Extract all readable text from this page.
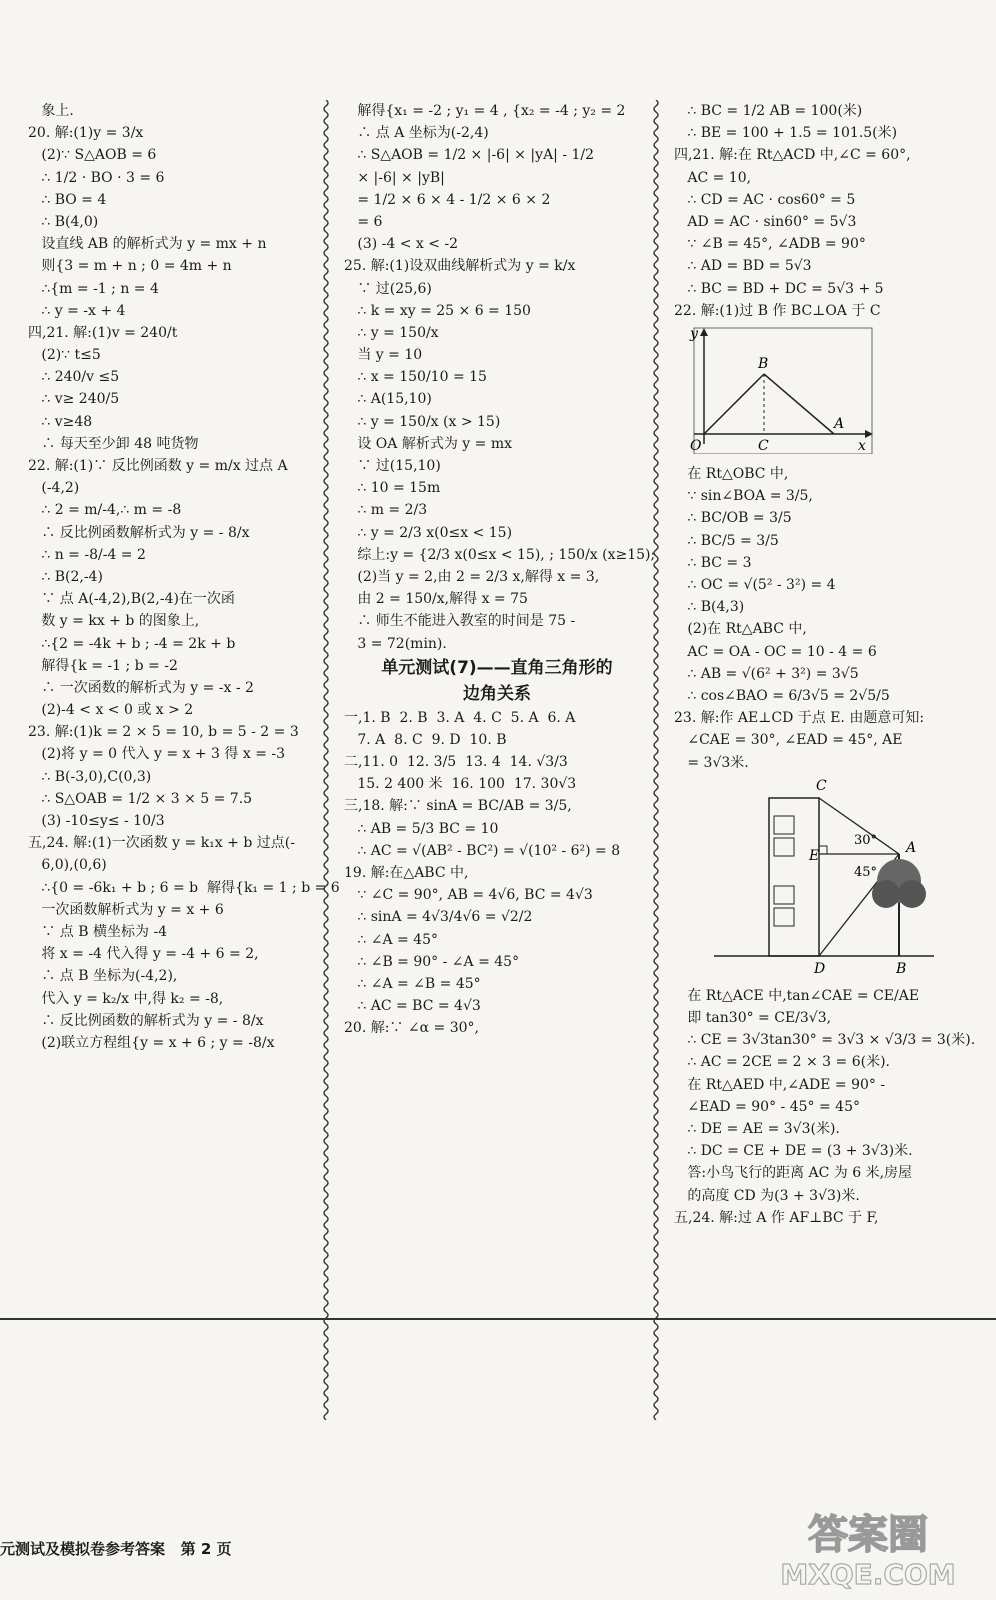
象上.
20. 解:(1)y = 3/x
(2)∵ S△AOB = 6
∴ 1/2 · BO · 3 = 6
∴ BO = 4
∴ B(4,0)
设直线 AB 的解析式为 y = mx + n
则{3 = m + n ; 0 = 4m + n
∴{m = -1 ; n = 4
∴ y = -x + 4
四,21. 解:(1)v = 240/t
(2)∵ t≤5
∴ 240/v ≤5
∴ v≥ 240/5
∴ v≥48
∴ 每天至少卸 48 吨货物
22. 解:(1)∵ 反比例函数 y = m/x 过点 A
(-4,2)
∴ 2 = m/-4,∴ m = -8
∴ 反比例函数解析式为 y = - 8/x
∴ n = -8/-4 = 2
∴ B(2,-4)
∵ 点 A(-4,2),B(2,-4)在一次函
数 y = kx + b 的图象上,
∴{2 = -4k + b ; -4 = 2k + b
解得{k = -1 ; b = -2
∴ 一次函数的解析式为 y = -x - 2
(2)-4 < x < 0 或 x > 2
23. 解:(1)k = 2 × 5 = 10, b = 5 - 2 = 3
(2)将 y = 0 代入 y = x + 3 得 x = -3
∴ B(-3,0),C(0,3)
∴ S△OAB = 1/2 × 3 × 5 = 7.5
(3) -10≤y≤ - 10/3
五,24. 解:(1)一次函数 y = k₁x + b 过点(-
6,0),(0,6)
∴{0 = -6k₁ + b ; 6 = b  解得{k₁ = 1 ; b = 6
一次函数解析式为 y = x + 6
∵ 点 B 横坐标为 -4
将 x = -4 代入得 y = -4 + 6 = 2,
∴ 点 B 坐标为(-4,2),
代入 y = k₂/x 中,得 k₂ = -8,
∴ 反比例函数的解析式为 y = - 8/x
(2)联立方程组{y = x + 6 ; y = -8/x
解得{x₁ = -2 ; y₁ = 4 , {x₂ = -4 ; y₂ = 2
∴ 点 A 坐标为(-2,4)
∴ S△AOB = 1/2 × |-6| × |yA| - 1/2
× |-6| × |yB|
= 1/2 × 6 × 4 - 1/2 × 6 × 2
= 6
(3) -4 < x < -2
25. 解:(1)设双曲线解析式为 y = k/x
∵ 过(25,6)
∴ k = xy = 25 × 6 = 150
∴ y = 150/x
当 y = 10
∴ x = 150/10 = 15
∴ A(15,10)
∴ y = 150/x (x > 15)
设 OA 解析式为 y = mx
∵ 过(15,10)
∴ 10 = 15m
∴ m = 2/3
∴ y = 2/3 x(0≤x < 15)
综上:y = {2/3 x(0≤x < 15), ; 150/x (x≥15);
(2)当 y = 2,由 2 = 2/3 x,解得 x = 3,
由 2 = 150/x,解得 x = 75
∴ 师生不能进入教室的时间是 75 -
3 = 72(min).
单元测试(7)——直角三角形的
边角关系
一,1. B  2. B  3. A  4. C  5. A  6. A
7. A  8. C  9. D  10. B
二,11. 0  12. 3/5  13. 4  14. √3/3
15. 2 400 米  16. 100  17. 30√3
三,18. 解:∵ sinA = BC/AB = 3/5,
∴ AB = 5/3 BC = 10
∴ AC = √(AB² - BC²) = √(10² - 6²) = 8
19. 解:在△ABC 中,
∵ ∠C = 90°, AB = 4√6, BC = 4√3
∴ sinA = 4√3/4√6 = √2/2
∴ ∠A = 45°
∴ ∠B = 90° - ∠A = 45°
∴ ∠A = ∠B = 45°
∴ AC = BC = 4√3
20. 解:∵ ∠α = 30°,
∴ BC = 1/2 AB = 100(米)
∴ BE = 100 + 1.5 = 101.5(米)
四,21. 解:在 Rt△ACD 中,∠C = 60°,
AC = 10,
∴ CD = AC · cos60° = 5
AD = AC · sin60° = 5√3
∵ ∠B = 45°, ∠ADB = 90°
∴ AD = BD = 5√3
∴ BC = BD + DC = 5√3 + 5
22. 解:(1)过 B 作 BC⊥OA 于 C
y
x
O
B
C
A
在 Rt△OBC 中,
∵ sin∠BOA = 3/5,
∴ BC/OB = 3/5
∴ BC/5 = 3/5
∴ BC = 3
∴ OC = √(5² - 3²) = 4
∴ B(4,3)
(2)在 Rt△ABC 中,
AC = OA - OC = 10 - 4 = 6
∴ AB = √(6² + 3²) = 3√5
∴ cos∠BAO = 6/3√5 = 2√5/5
23. 解:作 AE⊥CD 于点 E. 由题意可知:
∠CAE = 30°, ∠EAD = 45°, AE
= 3√3米.
C
E	A
D	B
30°
45°
在 Rt△ACE 中,tan∠CAE = CE/AE
即 tan30° = CE/3√3,
∴ CE = 3√3tan30° = 3√3 × √3/3 = 3(米).
∴ AC = 2CE = 2 × 3 = 6(米).
在 Rt△AED 中,∠ADE = 90° -
∠EAD = 90° - 45° = 45°
∴ DE = AE = 3√3(米).
∴ DC = CE + DE = (3 + 3√3)米.
答:小鸟飞行的距离 AC 为 6 米,房屋
的高度 CD 为(3 + 3√3)米.
五,24. 解:过 A 作 AF⊥BC 于 F,
元测试及模拟卷参考答案   第 2 页	答案圈
MXQE.COM
